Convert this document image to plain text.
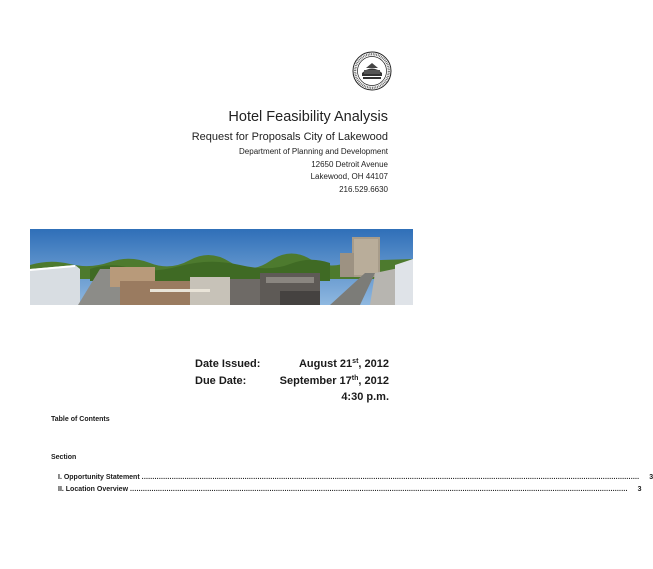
Hotel Feasibility Analysis
Request for Proposals City of Lakewood
Department of Planning and Development
12650 Detroit Avenue
Lakewood, OH 44107
216.529.6630
Date Issued:	August 21st, 2012
Due Date:	September 17th, 2012
4:30 p.m.
Table of Contents
Section
I. Opportunity Statement ........................................................................................................................................................................................................................................ 3
II. Location Overview ........................................................................................................................................................................................................................................ 3
